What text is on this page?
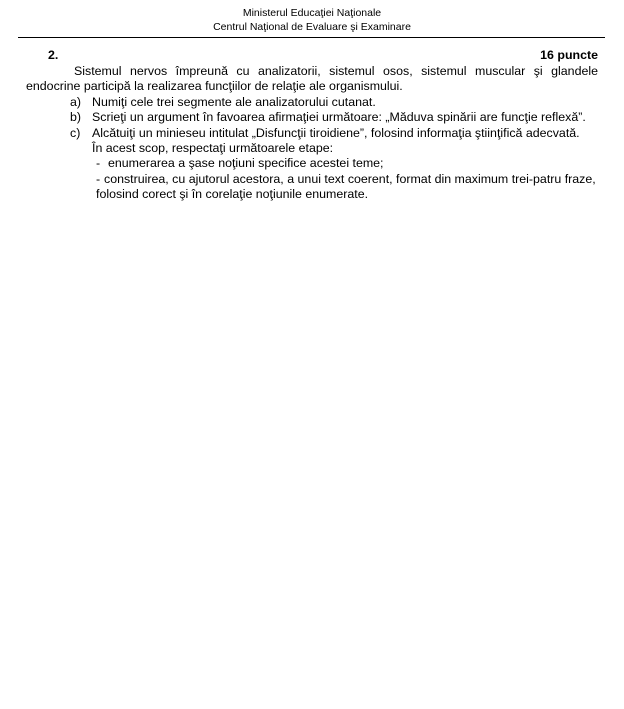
Ministerul Educaţiei Naţionale
Centrul Naţional de Evaluare şi Examinare
2.	16 puncte

Sistemul nervos împreună cu analizatorii, sistemul osos, sistemul muscular şi glandele endocrine participă la realizarea funcţiilor de relaţie ale organismului.

a) Numiţi cele trei segmente ale analizatorului cutanat.
b) Scrieţi un argument în favoarea afirmaţiei următoare: „Măduva spinării are funcţie reflexă”.
c) Alcătuiţi un minieseu intitulat „Disfuncţii tiroidiene”, folosind informaţia ştiinţifică adecvată.
În acest scop, respectaţi următoarele etape:
- enumerarea a şase noţiuni specifice acestei teme;
- construirea, cu ajutorul acestora, a unui text coerent, format din maximum trei-patru fraze,
folosind corect şi în corelaţie noţiunile enumerate.
